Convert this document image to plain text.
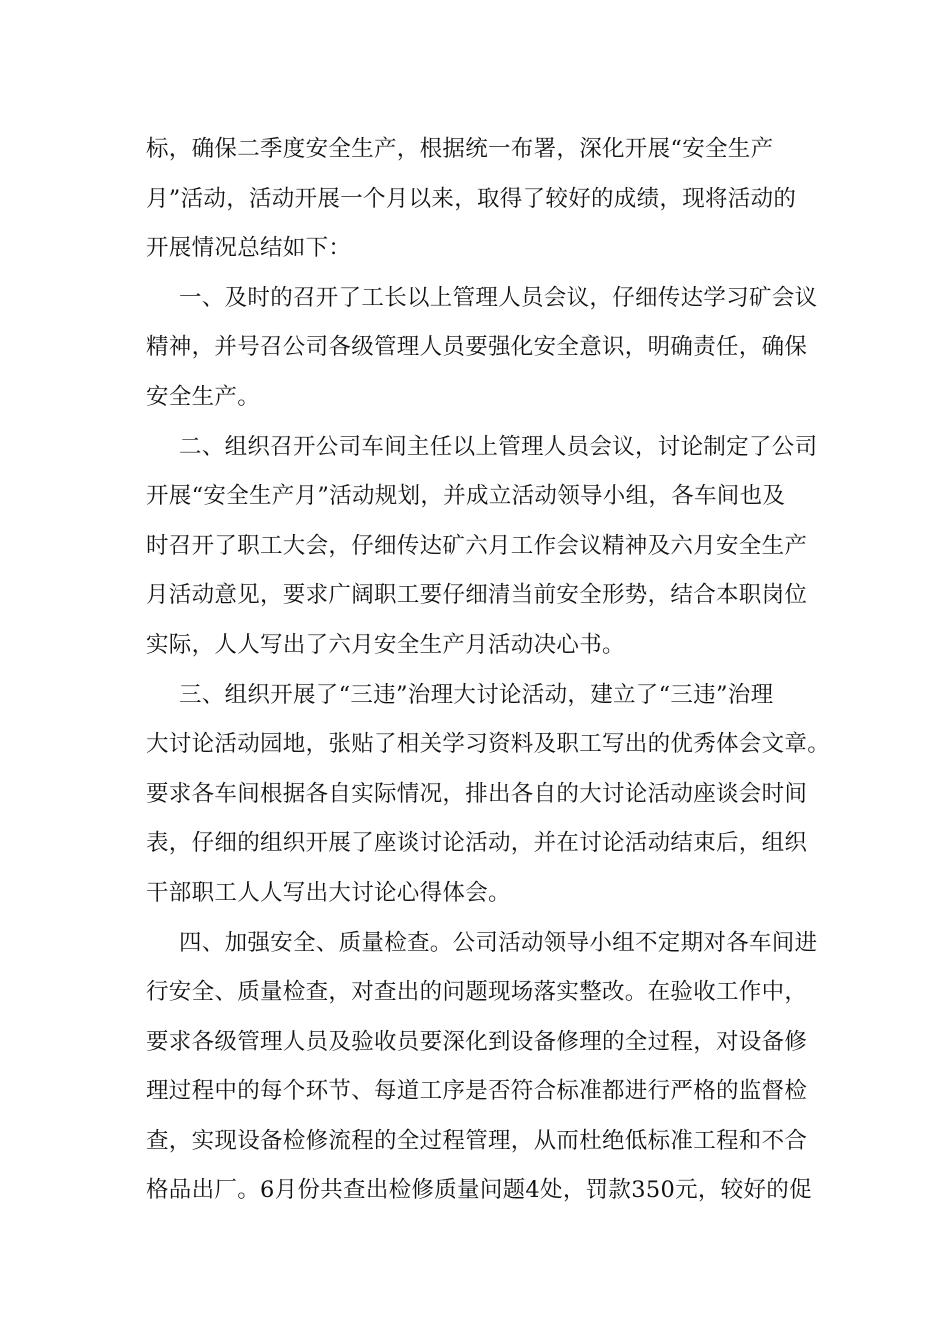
标，确保二季度安全生产，根据统一布署，深化开展“安全生产
月”活动，活动开展一个月以来，取得了较好的成绩，现将活动的
开展情况总结如下：
一、及时的召开了工长以上管理人员会议，仔细传达学习矿会议
精神，并号召公司各级管理人员要强化安全意识，明确责任，确保
安全生产。
二、组织召开公司车间主任以上管理人员会议，讨论制定了公司
开展“安全生产月”活动规划，并成立活动领导小组，各车间也及
时召开了职工大会，仔细传达矿六月工作会议精神及六月安全生产
月活动意见，要求广阔职工要仔细清当前安全形势，结合本职岗位
实际，人人写出了六月安全生产月活动决心书。
三、组织开展了“三违”治理大讨论活动，建立了“三违”治理
大讨论活动园地，张贴了相关学习资料及职工写出的优秀体会文章。
要求各车间根据各自实际情况，排出各自的大讨论活动座谈会时间
表，仔细的组织开展了座谈讨论活动，并在讨论活动结束后，组织
干部职工人人写出大讨论心得体会。
四、加强安全、质量检查。公司活动领导小组不定期对各车间进
行安全、质量检查，对查出的问题现场落实整改。在验收工作中，
要求各级管理人员及验收员要深化到设备修理的全过程，对设备修
理过程中的每个环节、每道工序是否符合标准都进行严格的监督检
查，实现设备检修流程的全过程管理，从而杜绝低标准工程和不合
格品出厂。6月份共查出检修质量问题4处，罚款350元，较好的促
